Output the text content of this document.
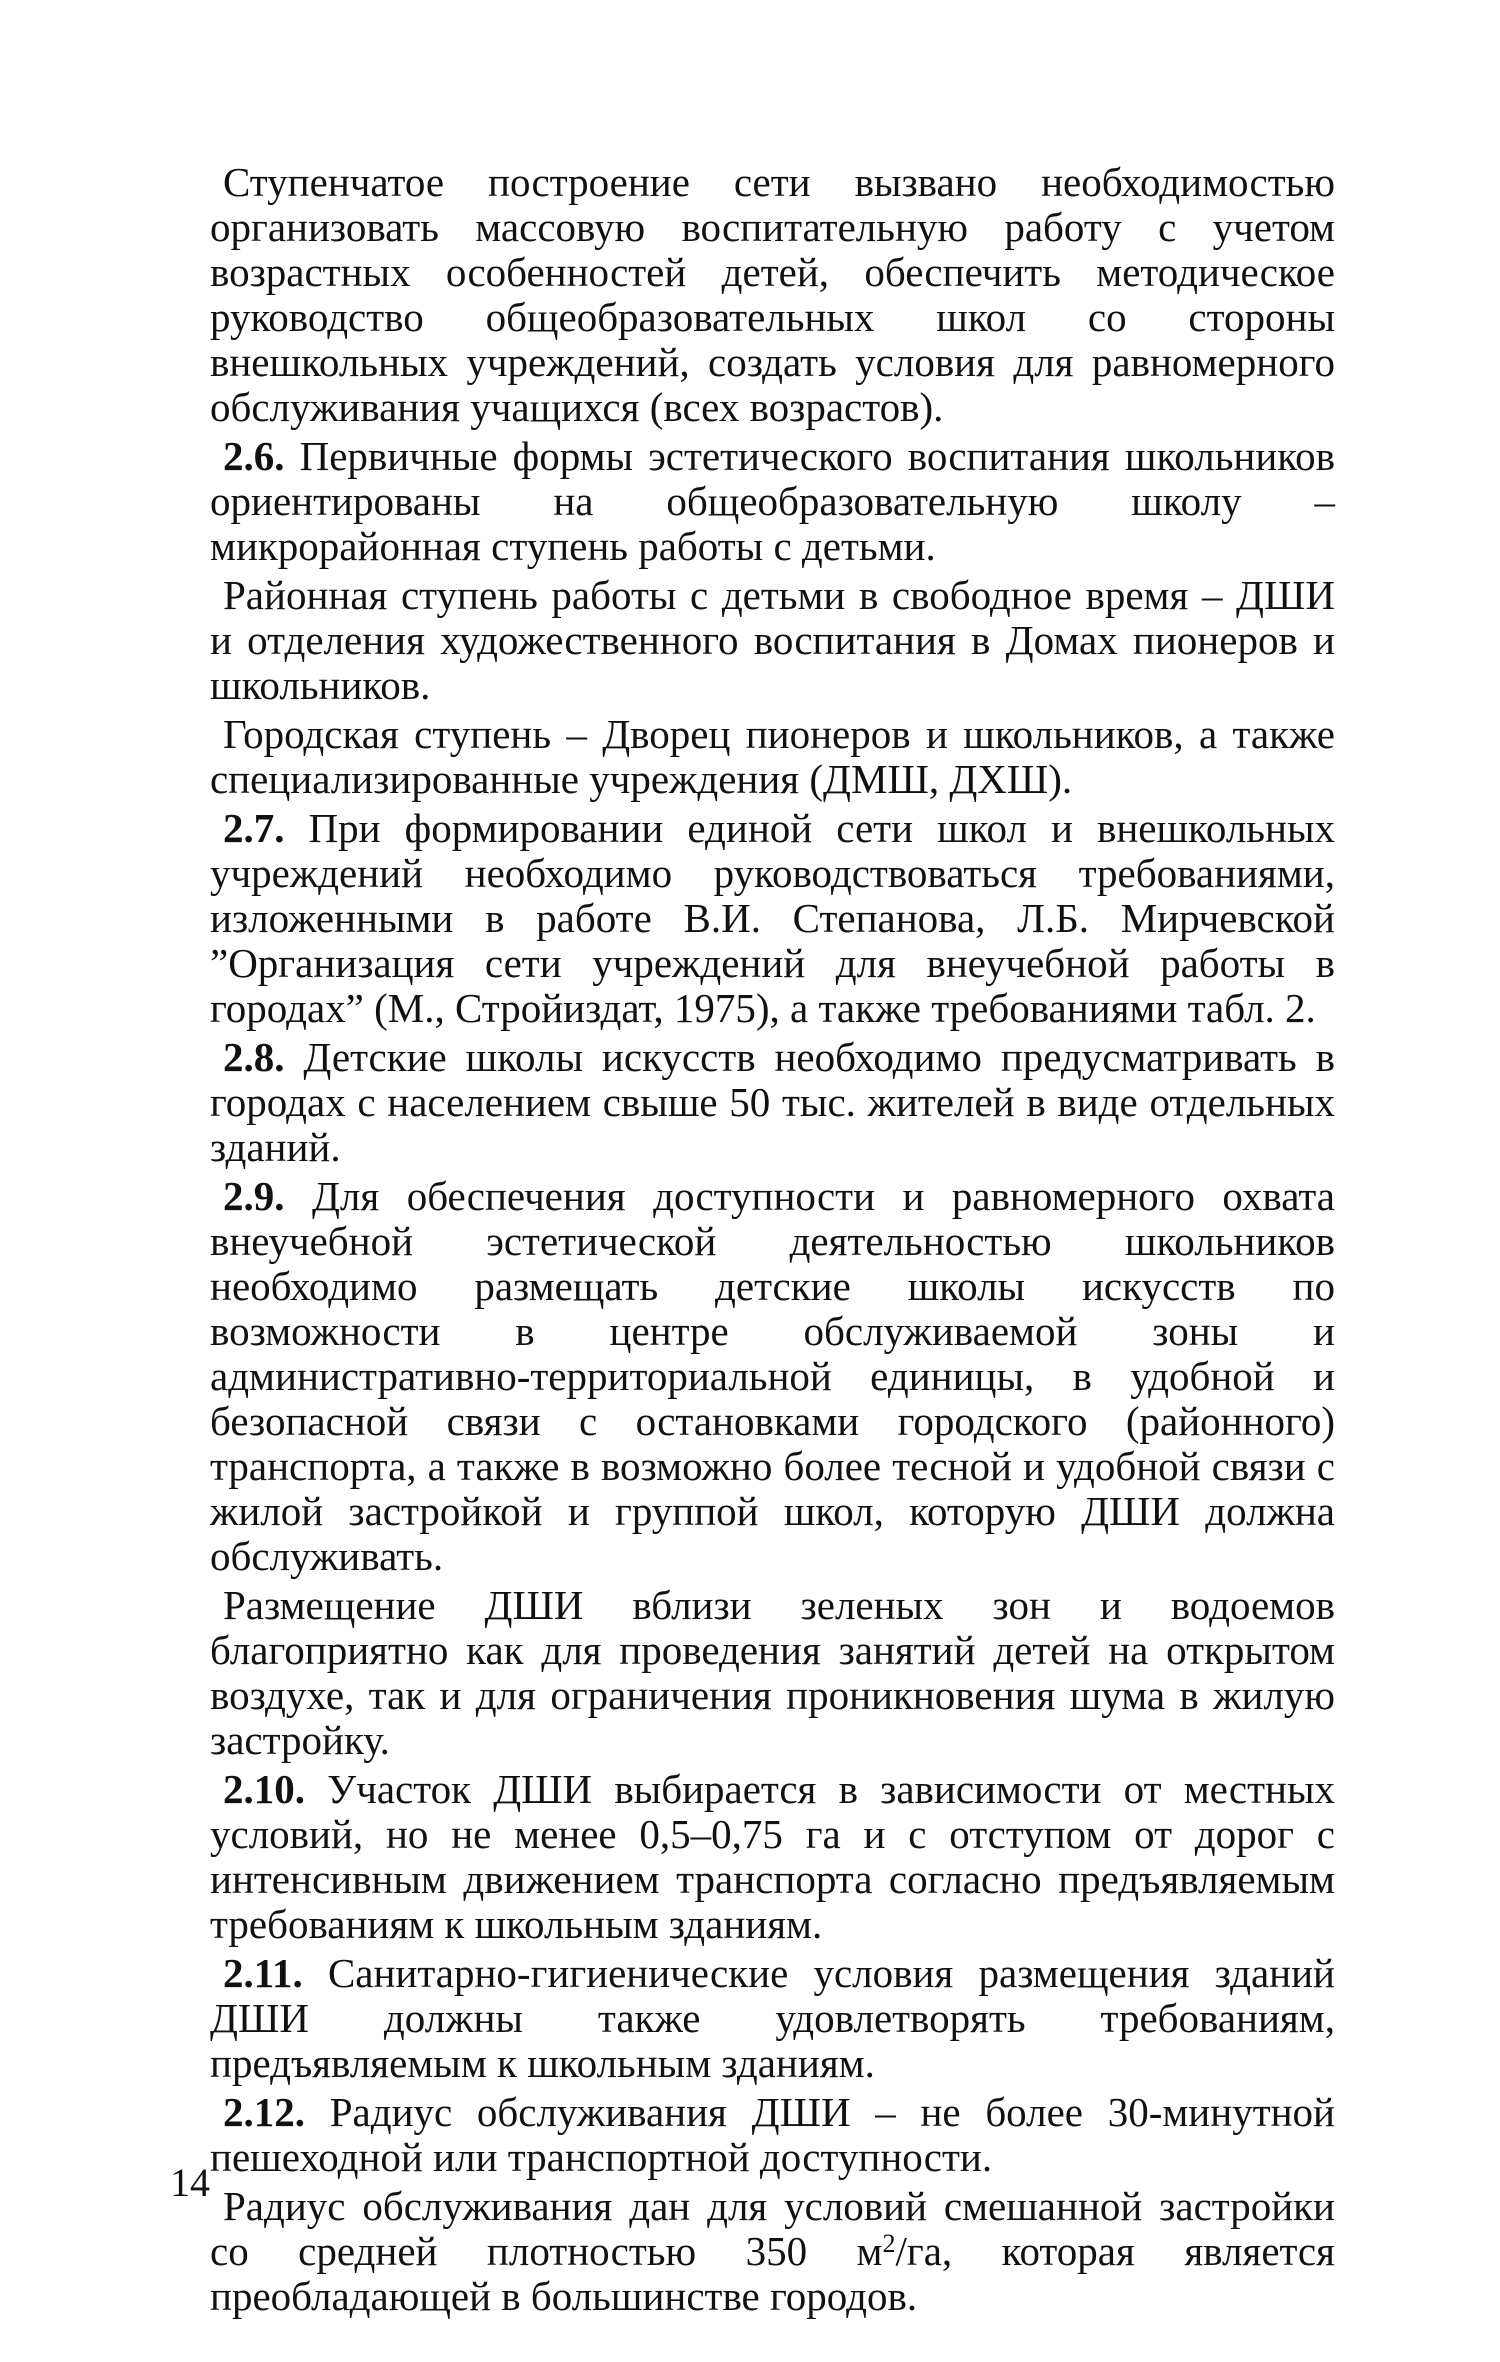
Ступенчатое построение сети вызвано необходимостью организовать массовую воспитательную работу с учетом возрастных особенностей детей, обеспечить методическое руководство общеобразовательных школ со стороны внешкольных учреждений, создать условия для равномерного обслуживания учащихся (всех возрастов).

2.6. Первичные формы эстетического воспитания школьников ориентированы на общеобразовательную школу – микрорайонная ступень работы с детьми.

Районная ступень работы с детьми в свободное время – ДШИ и отделения художественного воспитания в Домах пионеров и школьников.

Городская ступень – Дворец пионеров и школьников, а также специализированные учреждения (ДМШ, ДХШ).

2.7. При формировании единой сети школ и внешкольных учреждений необходимо руководствоваться требованиями, изложенными в работе В.И. Степанова, Л.Б. Мирчевской ”Организация сети учреждений для внеучебной работы в городах” (М., Стройиздат, 1975), а также требованиями табл. 2.

2.8. Детские школы искусств необходимо предусматривать в городах с населением свыше 50 тыс. жителей в виде отдельных зданий.

2.9. Для обеспечения доступности и равномерного охвата внеучебной эстетической деятельностью школьников необходимо размещать детские школы искусств по возможности в центре обслуживаемой зоны и административно-территориальной единицы, в удобной и безопасной связи с остановками городского (районного) транспорта, а также в возможно более тесной и удобной связи с жилой застройкой и группой школ, которую ДШИ должна обслуживать.

Размещение ДШИ вблизи зеленых зон и водоемов благоприятно как для проведения занятий детей на открытом воздухе, так и для ограничения проникновения шума в жилую застройку.

2.10. Участок ДШИ выбирается в зависимости от местных условий, но не менее 0,5–0,75 га и с отступом от дорог с интенсивным движением транспорта согласно предъявляемым требованиям к школьным зданиям.

2.11. Санитарно-гигиенические условия размещения зданий ДШИ должны также удовлетворять требованиям, предъявляемым к школьным зданиям.

2.12. Радиус обслуживания ДШИ – не более 30-минутной пешеходной или транспортной доступности.

Радиус обслуживания дан для условий смешанной застройки со средней плотностью 350 $м^2/га$, которая является преобладающей в большинстве городов.

14
